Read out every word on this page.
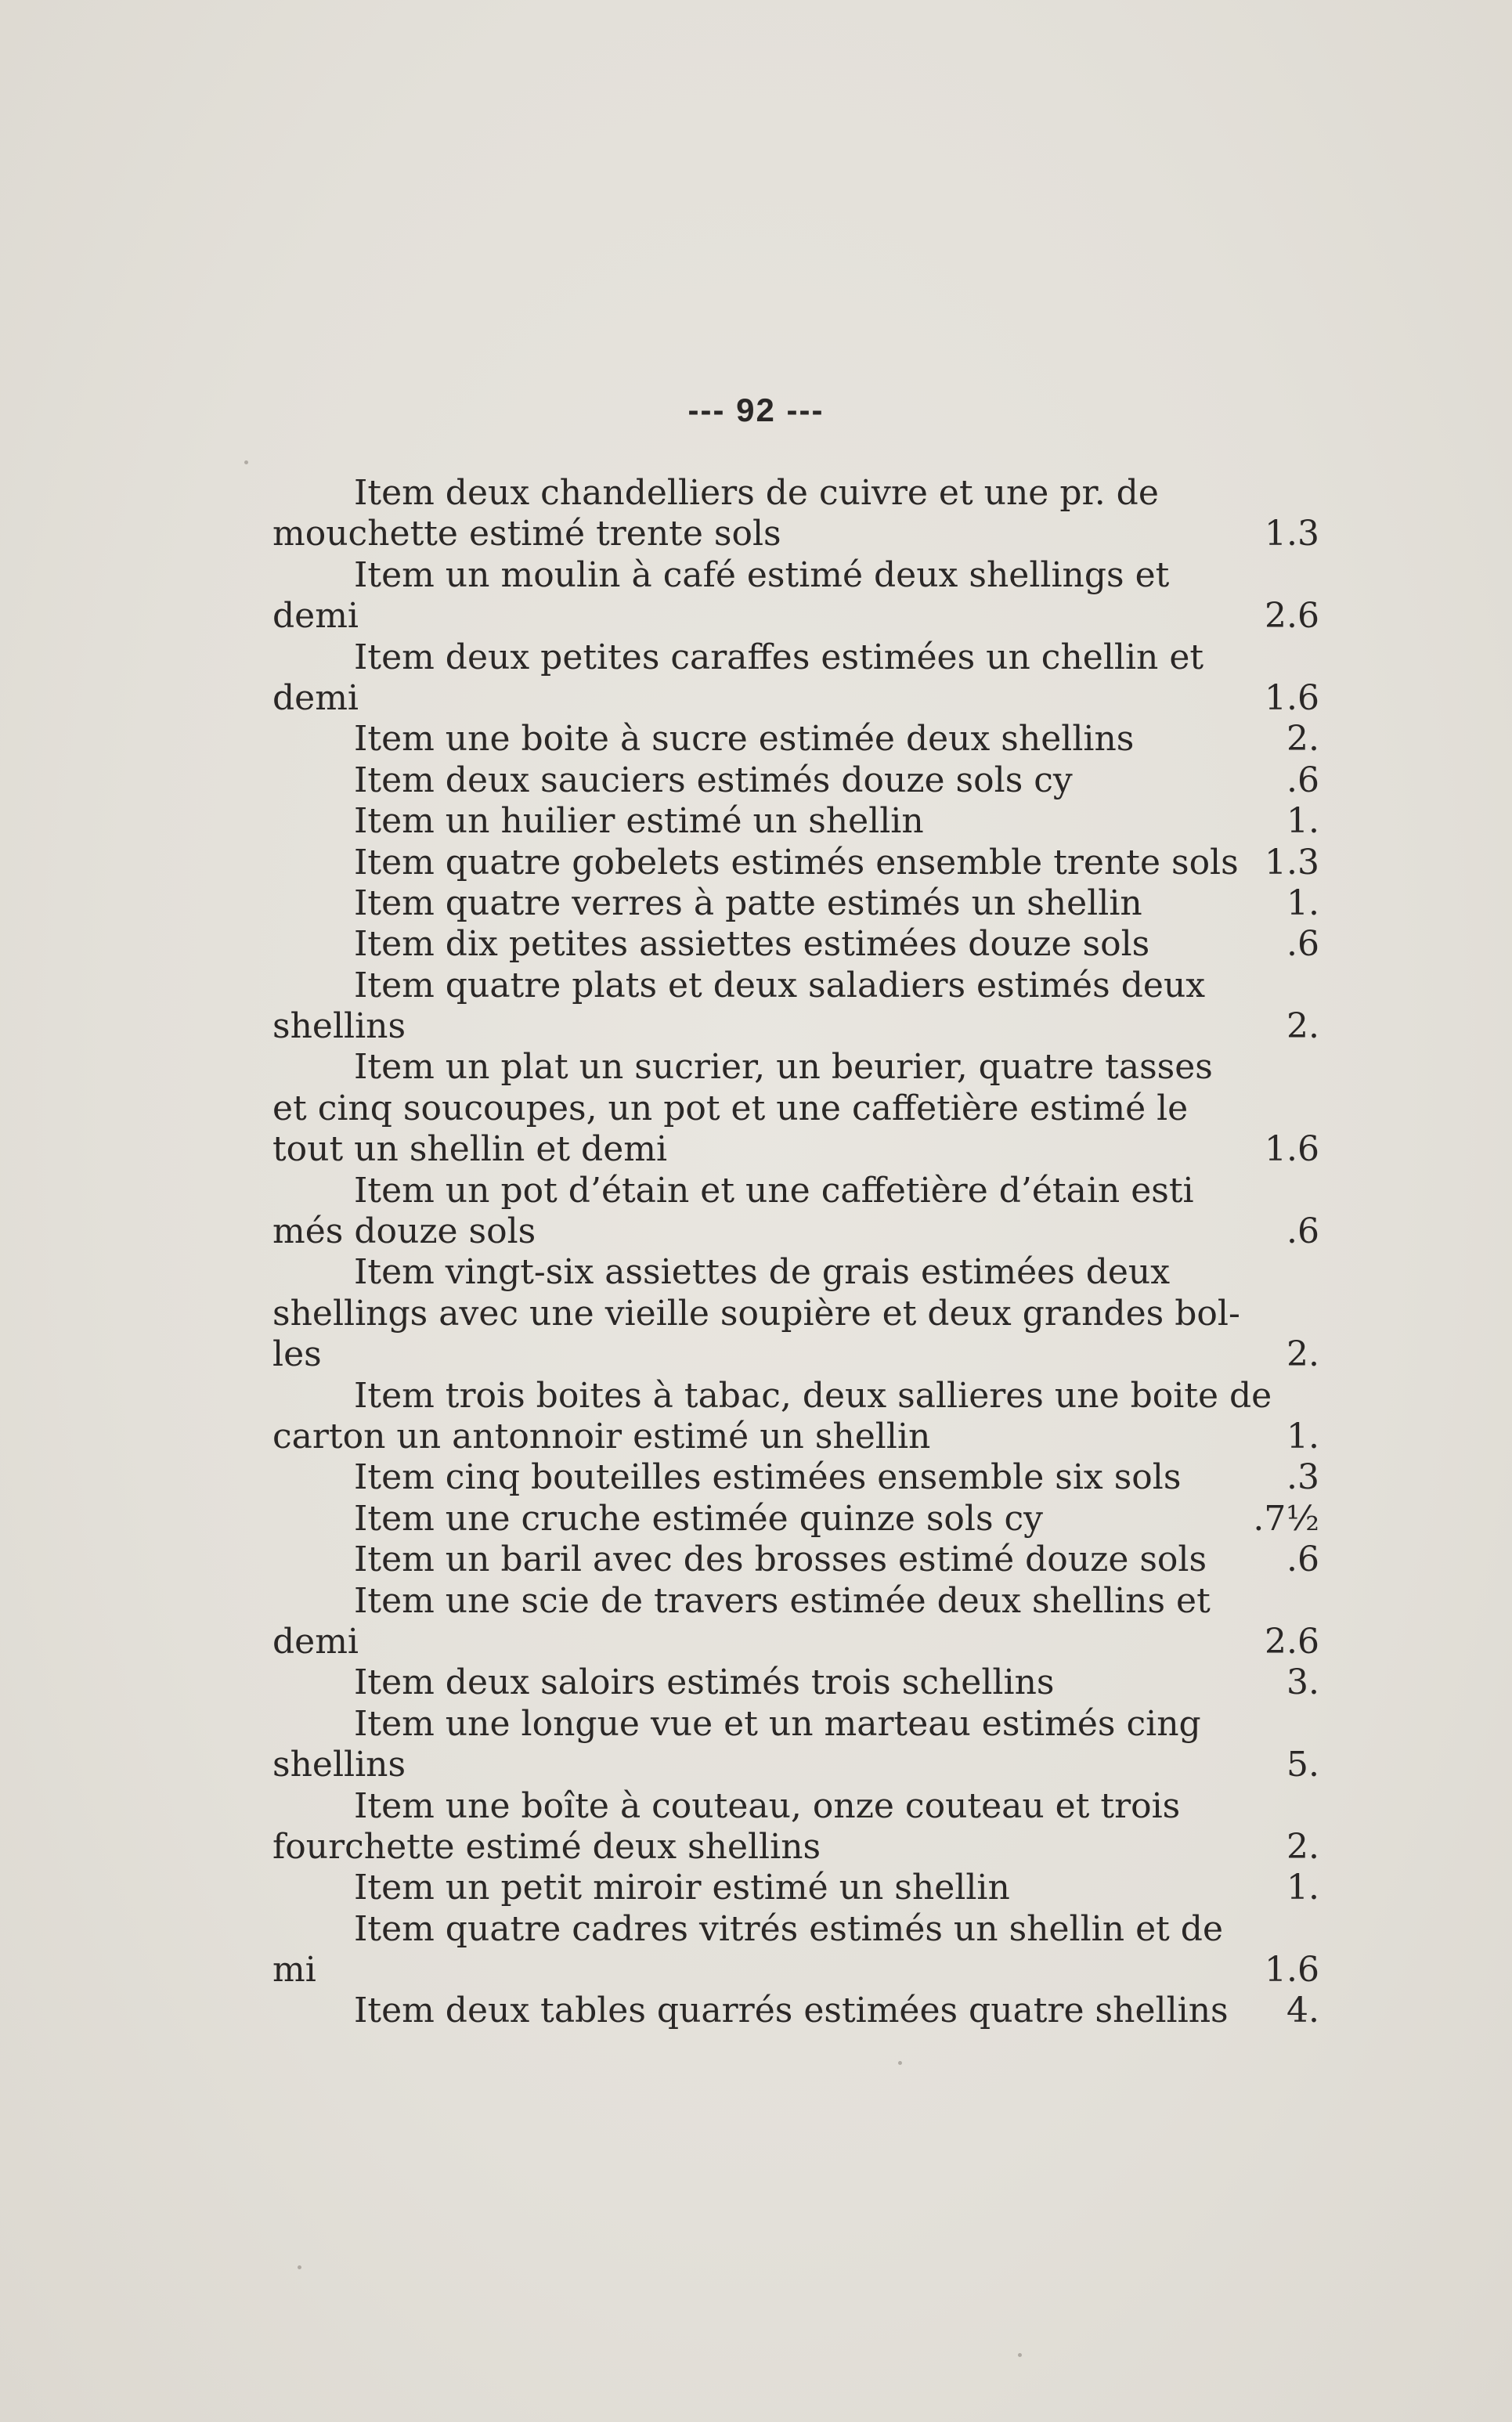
--- 92 ---
Item deux chandelliers de cuivre et une pr. de
mouchette estimé trente sols	1.3
Item un moulin à café estimé deux shellings et
demi	2.6
Item deux petites caraffes estimées un chellin et
demi	1.6
Item une boite à sucre estimée deux shellins	2.
Item deux sauciers estimés douze sols cy	.6
Item un huilier estimé un shellin	1.
Item quatre gobelets estimés ensemble trente sols 1.3
Item quatre verres à patte estimés un shellin	1.
Item dix petites assiettes estimées douze sols	.6
Item quatre plats et deux saladiers estimés deux
shellins	2.
Item un plat un sucrier, un beurier, quatre tasses
et cinq soucoupes, un pot et une caffetière estimé le
tout un shellin et demi	1.6
Item un pot d’étain et une caffetière d’étain esti
més douze sols	.6
Item vingt-six assiettes de grais estimées deux
shellings avec une vieille soupière et deux grandes bol-
les	2.
Item trois boites à tabac, deux sallieres une boite de
carton un antonnoir estimé un shellin	1.
Item cinq bouteilles estimées ensemble six sols	.3
Item une cruche estimée quinze sols cy	.7½
Item un baril avec des brosses estimé douze sols .6
Item une scie de travers estimée deux shellins et
demi	2.6
Item deux saloirs estimés trois schellins	3.
Item une longue vue et un marteau estimés cing
shellins	5.
Item une boîte à couteau, onze couteau et trois
fourchette estimé deux shellins	2.
Item un petit miroir estimé un shellin	1.
Item quatre cadres vitrés estimés un shellin et de
mi	1.6
Item deux tables quarrés estimées quatre shellins 4.
